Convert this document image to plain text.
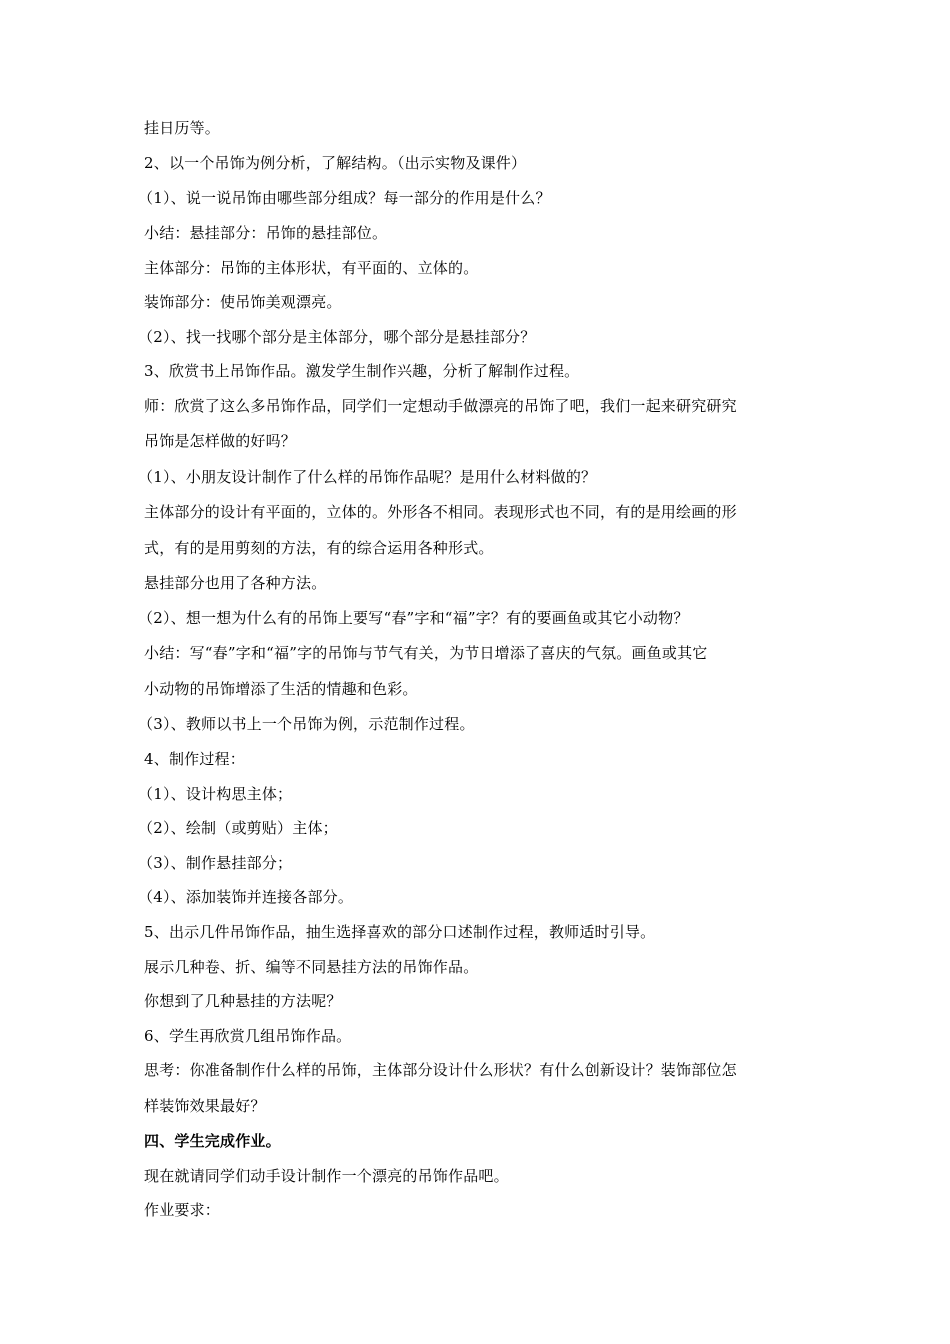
挂日历等。
2、以一个吊饰为例分析，了解结构。（出示实物及课件）
（1）、说一说吊饰由哪些部分组成？每一部分的作用是什么？
小结：悬挂部分：吊饰的悬挂部位。
主体部分：吊饰的主体形状，有平面的、立体的。
装饰部分：使吊饰美观漂亮。
（2）、找一找哪个部分是主体部分，哪个部分是悬挂部分？
3、欣赏书上吊饰作品。激发学生制作兴趣，分析了解制作过程。
师：欣赏了这么多吊饰作品，同学们一定想动手做漂亮的吊饰了吧，我们一起来研究研究
吊饰是怎样做的好吗？
（1）、小朋友设计制作了什么样的吊饰作品呢？是用什么材料做的？
主体部分的设计有平面的，立体的。外形各不相同。表现形式也不同，有的是用绘画的形
式，有的是用剪刻的方法，有的综合运用各种形式。
悬挂部分也用了各种方法。
（2）、想一想为什么有的吊饰上要写“春”字和“福”字？有的要画鱼或其它小动物？
小结：写“春”字和“福”字的吊饰与节气有关，为节日增添了喜庆的气氛。画鱼或其它
小动物的吊饰增添了生活的情趣和色彩。
（3）、教师以书上一个吊饰为例，示范制作过程。
4、制作过程：
（1）、设计构思主体；
（2）、绘制（或剪贴）主体；
（3）、制作悬挂部分；
（4）、添加装饰并连接各部分。
5、出示几件吊饰作品，抽生选择喜欢的部分口述制作过程，教师适时引导。
展示几种卷、折、编等不同悬挂方法的吊饰作品。
你想到了几种悬挂的方法呢？
6、学生再欣赏几组吊饰作品。
思考：你准备制作什么样的吊饰，主体部分设计什么形状？有什么创新设计？装饰部位怎
样装饰效果最好？
四、学生完成作业。
现在就请同学们动手设计制作一个漂亮的吊饰作品吧。
作业要求：
